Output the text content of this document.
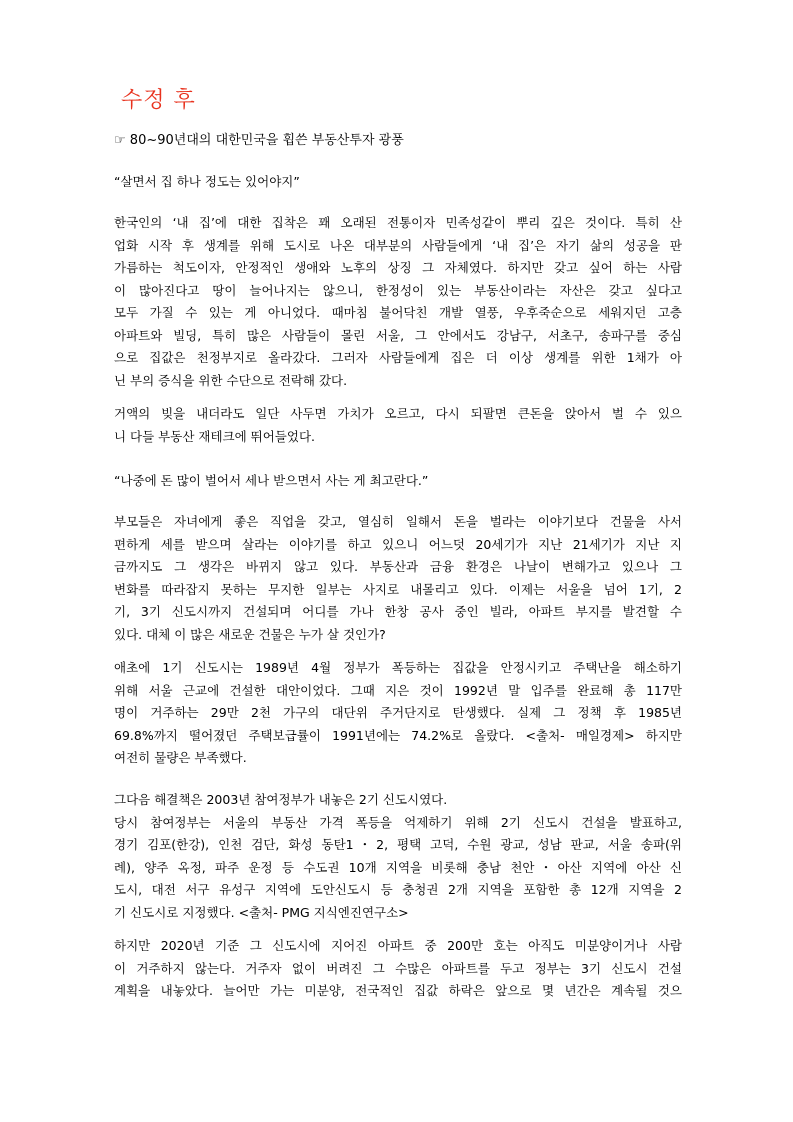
수정 후
☞ 80~90년대의 대한민국을 휩쓴 부동산투자 광풍

“살면서 집 하나 정도는 있어야지”

한국인의 ‘내 집’에 대한 집착은 꽤 오래된 전통이자 민족성같이 뿌리 깊은 것이다. 특히 산
업화 시작 후 생계를 위해 도시로 나온 대부분의 사람들에게 ‘내 집’은 자기 삶의 성공을 판
가름하는 척도이자, 안정적인 생애와 노후의 상징 그 자체였다. 하지만 갖고 싶어 하는 사람
이 많아진다고 땅이 늘어나지는 않으니, 한정성이 있는 부동산이라는 자산은 갖고 싶다고
모두 가질 수 있는 게 아니었다. 때마침 불어닥친 개발 열풍, 우후죽순으로 세워지던 고층
아파트와 빌딩, 특히 많은 사람들이 몰린 서울, 그 안에서도 강남구, 서초구, 송파구를 중심
으로 집값은 천정부지로 올라갔다. 그러자 사람들에게 집은 더 이상 생계를 위한 1채가 아
닌 부의 증식을 위한 수단으로 전락해 갔다.

거액의 빚을 내더라도 일단 사두면 가치가 오르고, 다시 되팔면 큰돈을 앉아서 벌 수 있으
니 다들 부동산 재테크에 뛰어들었다.

“나중에 돈 많이 벌어서 세나 받으면서 사는 게 최고란다.”

부모들은 자녀에게 좋은 직업을 갖고, 열심히 일해서 돈을 벌라는 이야기보다 건물을 사서
편하게 세를 받으며 살라는 이야기를 하고 있으니 어느덧 20세기가 지난 21세기가 지난 지
금까지도 그 생각은 바뀌지 않고 있다. 부동산과 금융 환경은 나날이 변해가고 있으나 그
변화를 따라잡지 못하는 무지한 일부는 사지로 내몰리고 있다. 이제는 서울을 넘어 1기, 2
기, 3기 신도시까지 건설되며 어디를 가나 한창 공사 중인 빌라, 아파트 부지를 발견할 수
있다. 대체 이 많은 새로운 건물은 누가 살 것인가?

애초에 1기 신도시는 1989년 4월 정부가 폭등하는 집값을 안정시키고 주택난을 해소하기
위해 서울 근교에 건설한 대안이었다. 그때 지은 것이 1992년 말 입주를 완료해 총 117만
명이 거주하는 29만 2천 가구의 대단위 주거단지로 탄생했다. 실제 그 정책 후 1985년
69.8%까지 떨어졌던 주택보급률이 1991년에는 74.2%로 올랐다. <출처- 매일경제> 하지만
여전히 물량은 부족했다.

그다음 해결책은 2003년 참여정부가 내놓은 2기 신도시였다.
당시 참여정부는 서울의 부동산 가격 폭등을 억제하기 위해 2기 신도시 건설을 발표하고,
경기 김포(한강), 인천 검단, 화성 동탄1・2, 평택 고덕, 수원 광교, 성남 판교, 서울 송파(위
례), 양주 옥정, 파주 운정 등 수도권 10개 지역을 비롯해 충남 천안・아산 지역에 아산 신
도시, 대전 서구 유성구 지역에 도안신도시 등 충청권 2개 지역을 포함한 총 12개 지역을 2
기 신도시로 지정했다. <출처- PMG 지식엔진연구소>

하지만 2020년 기준 그 신도시에 지어진 아파트 중 200만 호는 아직도 미분양이거나 사람
이 거주하지 않는다. 거주자 없이 버려진 그 수많은 아파트를 두고 정부는 3기 신도시 건설
계획을 내놓았다. 늘어만 가는 미분양, 전국적인 집값 하락은 앞으로 몇 년간은 계속될 것으
